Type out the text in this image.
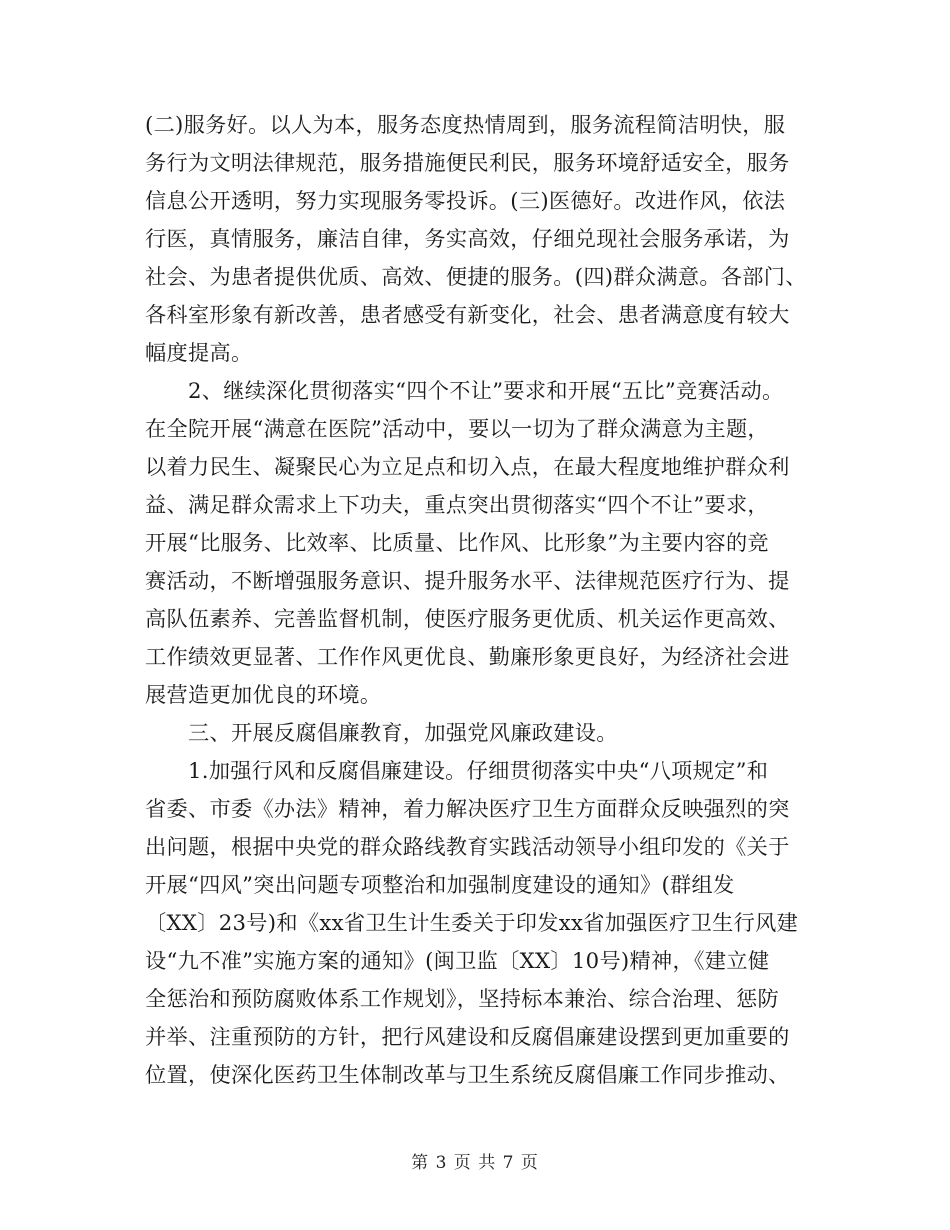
(二)服务好。以人为本，服务态度热情周到，服务流程简洁明快，服
务行为文明法律规范，服务措施便民利民，服务环境舒适安全，服务
信息公开透明，努力实现服务零投诉。(三)医德好。改进作风，依法
行医，真情服务，廉洁自律，务实高效，仔细兑现社会服务承诺，为
社会、为患者提供优质、高效、便捷的服务。(四)群众满意。各部门、
各科室形象有新改善，患者感受有新变化，社会、患者满意度有较大
幅度提高。
2、继续深化贯彻落实“四个不让”要求和开展“五比”竞赛活动。
在全院开展“满意在医院”活动中，要以一切为了群众满意为主题，
以着力民生、凝聚民心为立足点和切入点，在最大程度地维护群众利
益、满足群众需求上下功夫，重点突出贯彻落实“四个不让”要求，
开展“比服务、比效率、比质量、比作风、比形象”为主要内容的竞
赛活动，不断增强服务意识、提升服务水平、法律规范医疗行为、提
高队伍素养、完善监督机制，使医疗服务更优质、机关运作更高效、
工作绩效更显著、工作作风更优良、勤廉形象更良好，为经济社会进
展营造更加优良的环境。
三、开展反腐倡廉教育，加强党风廉政建设。
1.加强行风和反腐倡廉建设。仔细贯彻落实中央“八项规定”和
省委、市委《办法》精神，着力解决医疗卫生方面群众反映强烈的突
出问题，根据中央党的群众路线教育实践活动领导小组印发的《关于
开展“四风”突出问题专项整治和加强制度建设的通知》(群组发
〔XX〕23号)和《xx省卫生计生委关于印发xx省加强医疗卫生行风建
设“九不准”实施方案的通知》(闽卫监〔XX〕10号)精神，《建立健
全惩治和预防腐败体系工作规划》，坚持标本兼治、综合治理、惩防
并举、注重预防的方针，把行风建设和反腐倡廉建设摆到更加重要的
位置，使深化医药卫生体制改革与卫生系统反腐倡廉工作同步推动、
第 3 页 共 7 页
